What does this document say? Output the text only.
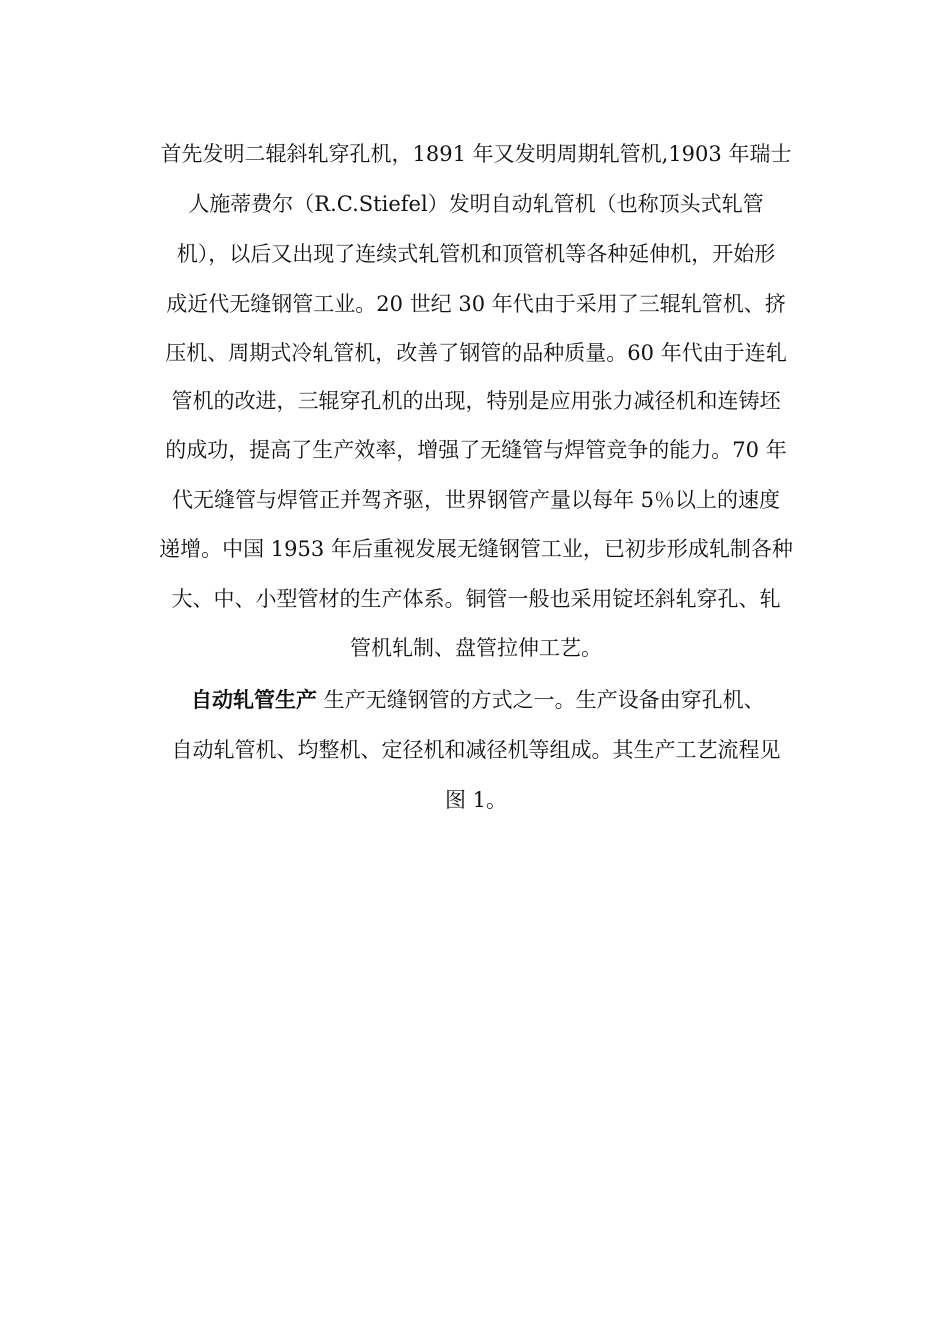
首先发明二辊斜轧穿孔机，1891 年又发明周期轧管机,1903 年瑞士
人施蒂费尔（R.C.Stiefel）发明自动轧管机（也称顶头式轧管
机），以后又出现了连续式轧管机和顶管机等各种延伸机，开始形
成近代无缝钢管工业。20 世纪 30 年代由于采用了三辊轧管机、挤
压机、周期式冷轧管机，改善了钢管的品种质量。60 年代由于连轧
管机的改进，三辊穿孔机的出现，特别是应用张力减径机和连铸坯
的成功，提高了生产效率，增强了无缝管与焊管竞争的能力。70 年
代无缝管与焊管正并驾齐驱，世界钢管产量以每年 5％以上的速度
递增。中国 1953 年后重视发展无缝钢管工业，已初步形成轧制各种
大、中、小型管材的生产体系。铜管一般也采用锭坯斜轧穿孔、轧
管机轧制、盘管拉伸工艺。
自动轧管生产 生产无缝钢管的方式之一。生产设备由穿孔机、
自动轧管机、均整机、定径机和减径机等组成。其生产工艺流程见
图 1。
